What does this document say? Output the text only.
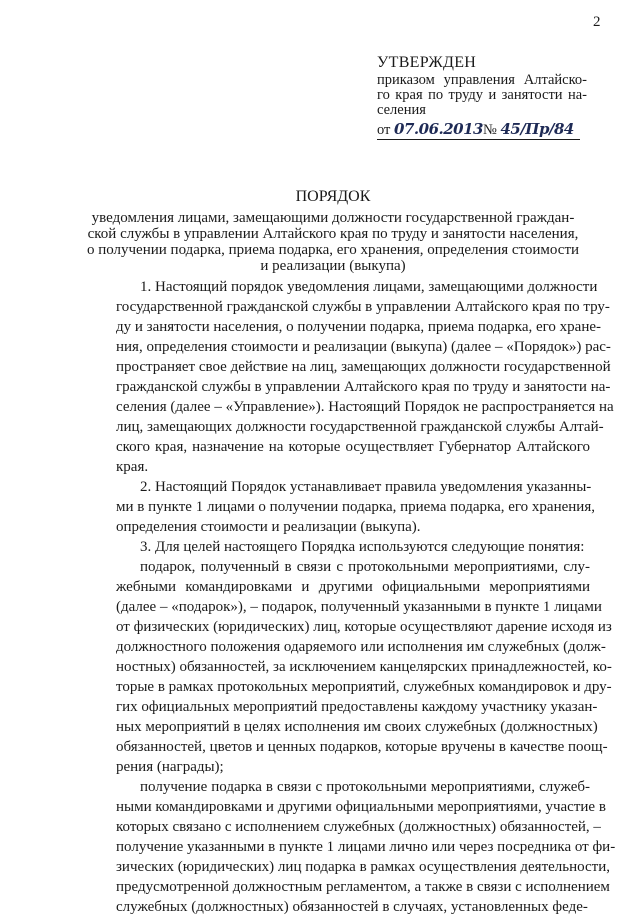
2
УТВЕРЖДЕН
приказом управления Алтайско-
го края по труду и занятости на-
селения
от 07.06.2013№ 45/Пр/84
ПОРЯДОК
уведомления лицами, замещающими должности государственной граждан-
ской службы в управлении Алтайского края по труду и занятости населения,
о получении подарка, приема подарка, его хранения, определения стоимости
и реализации (выкупа)

1. Настоящий порядок уведомления лицами, замещающими должности
государственной гражданской службы в управлении Алтайского края по тру-
ду и занятости населения, о получении подарка, приема подарка, его хране-
ния, определения стоимости и реализации (выкупа) (далее – «Порядок») рас-
пространяет свое действие на лиц, замещающих должности государственной
гражданской службы в управлении Алтайского края по труду и занятости на-
селения (далее – «Управление»). Настоящий Порядок не распространяется на
лиц, замещающих должности государственной гражданской службы Алтай-
ского края, назначение на которые осуществляет Губернатор Алтайского
края.

2. Настоящий Порядок устанавливает правила уведомления указанны-
ми в пункте 1 лицами о получении подарка, приема подарка, его хранения,
определения стоимости и реализации (выкупа).

3. Для целей настоящего Порядка используются следующие понятия:

подарок, полученный в связи с протокольными мероприятиями, слу-
жебными командировками и другими официальными мероприятиями
(далее – «подарок»), – подарок, полученный указанными в пункте 1 лицами
от физических (юридических) лиц, которые осуществляют дарение исходя из
должностного положения одаряемого или исполнения им служебных (долж-
ностных) обязанностей, за исключением канцелярских принадлежностей, ко-
торые в рамках протокольных мероприятий, служебных командировок и дру-
гих официальных мероприятий предоставлены каждому участнику указан-
ных мероприятий в целях исполнения им своих служебных (должностных)
обязанностей, цветов и ценных подарков, которые вручены в качестве поощ-
рения (награды);

получение подарка в связи с протокольными мероприятиями, служеб-
ными командировками и другими официальными мероприятиями, участие в
которых связано с исполнением служебных (должностных) обязанностей, –
получение указанными в пункте 1 лицами лично или через посредника от фи-
зических (юридических) лиц подарка в рамках осуществления деятельности,
предусмотренной должностным регламентом, а также в связи с исполнением
служебных (должностных) обязанностей в случаях, установленных феде-
